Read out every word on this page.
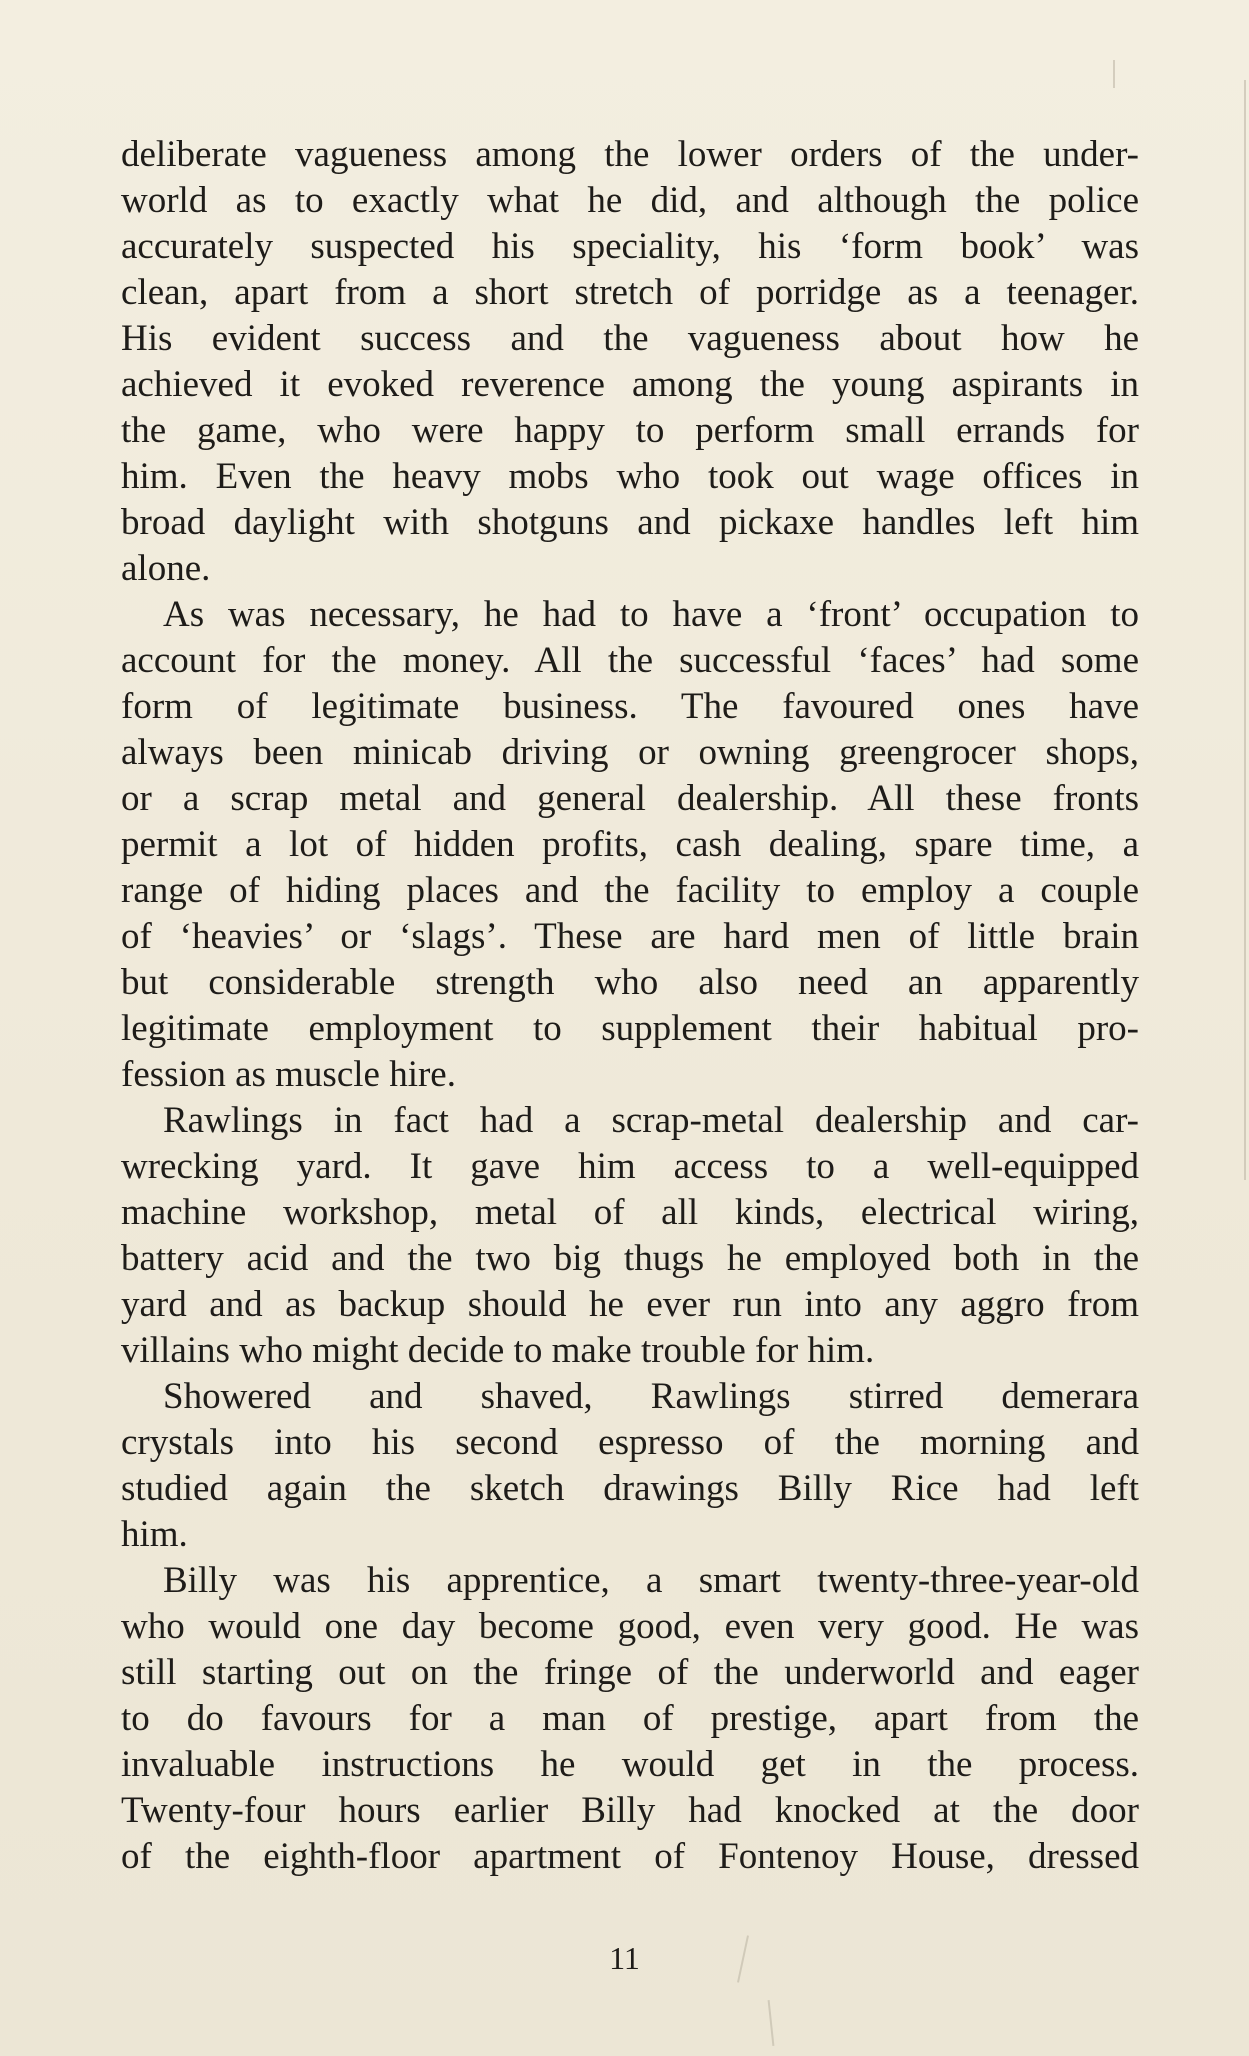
deliberate vagueness among the lower orders of the under-
world as to exactly what he did, and although the police
accurately suspected his speciality, his ‘form book’ was
clean, apart from a short stretch of porridge as a teenager.
His evident success and the vagueness about how he
achieved it evoked reverence among the young aspirants in
the game, who were happy to perform small errands for
him. Even the heavy mobs who took out wage offices in
broad daylight with shotguns and pickaxe handles left him
alone.
As was necessary, he had to have a ‘front’ occupation to
account for the money. All the successful ‘faces’ had some
form of legitimate business. The favoured ones have
always been minicab driving or owning greengrocer shops,
or a scrap metal and general dealership. All these fronts
permit a lot of hidden profits, cash dealing, spare time, a
range of hiding places and the facility to employ a couple
of ‘heavies’ or ‘slags’. These are hard men of little brain
but considerable strength who also need an apparently
legitimate employment to supplement their habitual pro-
fession as muscle hire.
Rawlings in fact had a scrap-metal dealership and car-
wrecking yard. It gave him access to a well-equipped
machine workshop, metal of all kinds, electrical wiring,
battery acid and the two big thugs he employed both in the
yard and as backup should he ever run into any aggro from
villains who might decide to make trouble for him.
Showered and shaved, Rawlings stirred demerara
crystals into his second espresso of the morning and
studied again the sketch drawings Billy Rice had left
him.
Billy was his apprentice, a smart twenty-three-year-old
who would one day become good, even very good. He was
still starting out on the fringe of the underworld and eager
to do favours for a man of prestige, apart from the
invaluable instructions he would get in the process.
Twenty-four hours earlier Billy had knocked at the door
of the eighth-floor apartment of Fontenoy House, dressed
11
